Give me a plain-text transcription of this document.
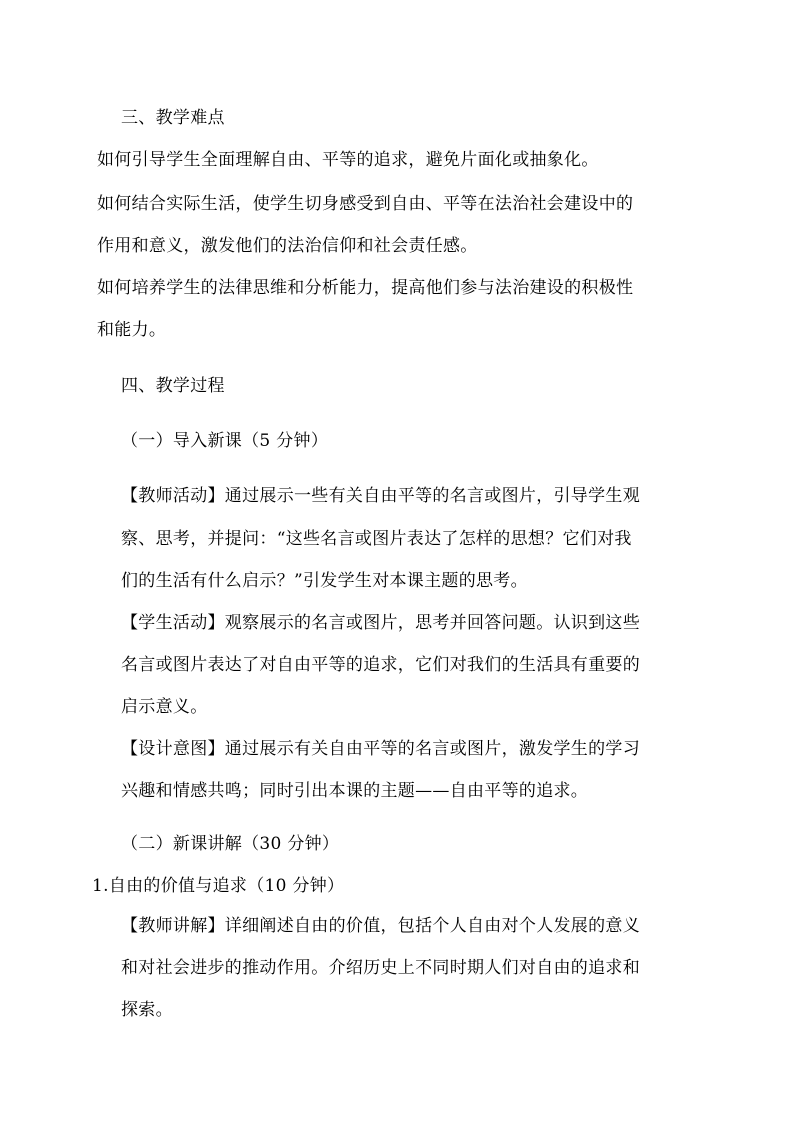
三、教学难点
如何引导学生全面理解自由、平等的追求，避免片面化或抽象化。
如何结合实际生活，使学生切身感受到自由、平等在法治社会建设中的
作用和意义，激发他们的法治信仰和社会责任感。
如何培养学生的法律思维和分析能力，提高他们参与法治建设的积极性
和能力。
四、教学过程
（一）导入新课（5 分钟）
【教师活动】通过展示一些有关自由平等的名言或图片，引导学生观
察、思考，并提问：“这些名言或图片表达了怎样的思想？它们对我
们的生活有什么启示？”引发学生对本课主题的思考。
【学生活动】观察展示的名言或图片，思考并回答问题。认识到这些
名言或图片表达了对自由平等的追求，它们对我们的生活具有重要的
启示意义。
【设计意图】通过展示有关自由平等的名言或图片，激发学生的学习
兴趣和情感共鸣；同时引出本课的主题——自由平等的追求。
（二）新课讲解（30 分钟）
1.自由的价值与追求（10 分钟）
【教师讲解】详细阐述自由的价值，包括个人自由对个人发展的意义
和对社会进步的推动作用。介绍历史上不同时期人们对自由的追求和
探索。
